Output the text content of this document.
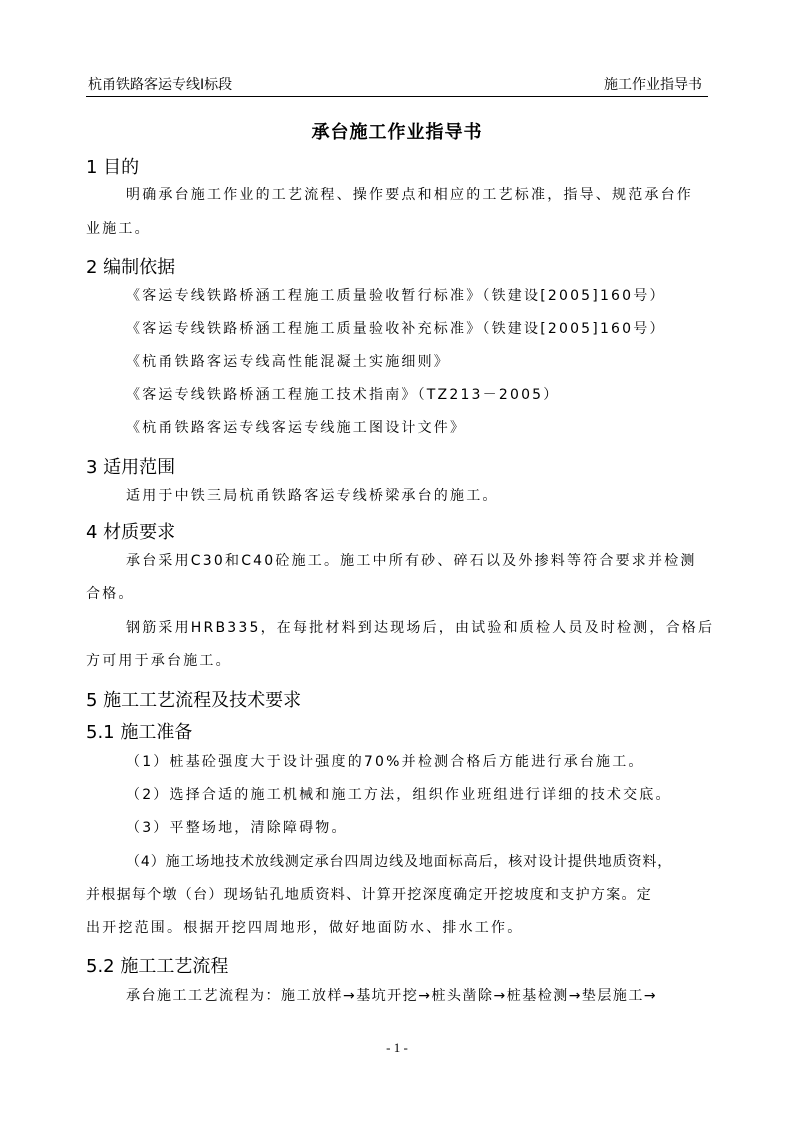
杭甬铁路客运专线Ⅰ标段	施工作业指导书
承台施工作业指导书
1 目的
明确承台施工作业的工艺流程、操作要点和相应的工艺标准，指导、规范承台作
业施工。
2 编制依据
《客运专线铁路桥涵工程施工质量验收暂行标准》（铁建设[2005]160号）
《客运专线铁路桥涵工程施工质量验收补充标准》（铁建设[2005]160号）
《杭甬铁路客运专线高性能混凝土实施细则》
《客运专线铁路桥涵工程施工技术指南》（TZ213－2005）
《杭甬铁路客运专线客运专线施工图设计文件》
3 适用范围
适用于中铁三局杭甬铁路客运专线桥梁承台的施工。
4 材质要求
承台采用C30和C40砼施工。施工中所有砂、碎石以及外掺料等符合要求并检测
合格。
钢筋采用HRB335，在每批材料到达现场后，由试验和质检人员及时检测，合格后
方可用于承台施工。
5 施工工艺流程及技术要求
5.1 施工准备
（1）桩基砼强度大于设计强度的70%并检测合格后方能进行承台施工。
（2）选择合适的施工机械和施工方法，组织作业班组进行详细的技术交底。
（3）平整场地，清除障碍物。
（4）施工场地技术放线测定承台四周边线及地面标高后，核对设计提供地质资料，
并根据每个墩（台）现场钻孔地质资料、计算开挖深度确定开挖坡度和支护方案。定
出开挖范围。根据开挖四周地形，做好地面防水、排水工作。
5.2 施工工艺流程
承台施工工艺流程为：施工放样→基坑开挖→桩头凿除→桩基检测→垫层施工→
- 1 -
